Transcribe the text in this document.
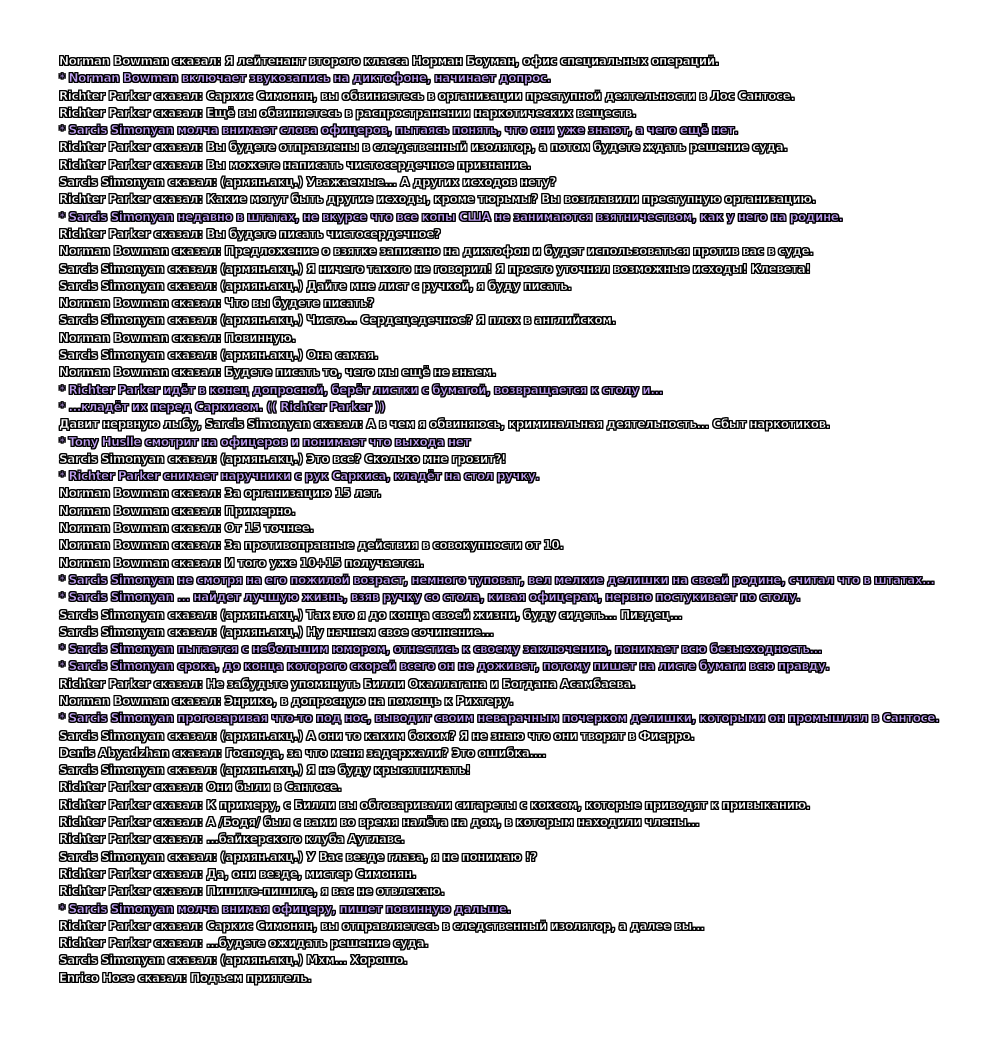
Norman Bowman сказал: Я лейтенант второго класса Норман Боуман, офис специальных операций.
* Norman Bowman включает звукозапись на диктофоне, начинает допрос.
Richter Parker сказал: Саркис Симонян, вы обвиняетесь в организации преступной деятельности в Лос Сантосе.
Richter Parker сказал: Ещё вы обвиняетесь в распространении наркотических веществ.
* Sarcis Simonyan молча внимает слова офицеров, пытаясь понять, что они уже знают, а чего ещё нет.
Richter Parker сказал: Вы будете отправлены в следственный изолятор, а потом будете ждать решение суда.
Richter Parker сказал: Вы можете написать чистосердечное признание.
Sarcis Simonyan сказал: (армян.акц.) Уважаемые... А других исходов нету?
Richter Parker сказал: Какие могут быть другие исходы, кроме тюрьмы? Вы возглавили преступную организацию.
* Sarcis Simonyan недавно в штатах, не вкурсе что все копы США не занимаются взятничеством, как у него на родине.
Richter Parker сказал: Вы будете писать чистосердечное?
Norman Bowman сказал: Предложение о взятке записано на диктофон и будет использоваться против вас в суде.
Sarcis Simonyan сказал: (армян.акц.) Я ничего такого не говорил! Я просто уточнял возможные исходы! Клевета!
Sarcis Simonyan сказал: (армян.акц.) Дайте мне лист с ручкой, я буду писать.
Norman Bowman сказал: Что вы будете писать?
Sarcis Simonyan сказал: (армян.акц.) Чисто... Сердецедечное? Я плох в английском.
Norman Bowman сказал: Повинную.
Sarcis Simonyan сказал: (армян.акц.) Она самая.
Norman Bowman сказал: Будете писать то, чего мы ещё не знаем.
* Richter Parker идёт в конец допросной, берёт листки с бумагой, возвращается к столу и...
* ...кладёт их перед Саркисом. (( Richter Parker ))
Давит нервную лыбу, Sarcis Simonyan сказал: А в чем я обвиняюсь, криминальная деятельность... Сбыт наркотиков.
* Tony Huslle смотрит на офицеров и понимает что выхода нет
Sarcis Simonyan сказал: (армян.акц.) Это все? Сколько мне грозит?!
* Richter Parker снимает наручники с рук Саркиса, кладёт на стол ручку.
Norman Bowman сказал: За организацию 15 лет.
Norman Bowman сказал: Примерно.
Norman Bowman сказал: От 15 точнее.
Norman Bowman сказал: За противоправные действия в совокупности от 10.
Norman Bowman сказал: И того уже 10+15 получается.
* Sarcis Simonyan не смотря на его пожилой возраст, немного туповат, вел мелкие делишки на своей родине, считал что в штатах...
* Sarcis Simonyan ... найдет лучшую жизнь, взяв ручку со стола, кивая офицерам, нервно постукивает по столу.
Sarcis Simonyan сказал: (армян.акц.) Так это я до конца своей жизни, буду сидеть... Пиздец...
Sarcis Simonyan сказал: (армян.акц.) Ну начнем свое сочинение...
* Sarcis Simonyan пытается с небольшим юмором, отнестись к своему заключению, понимает всю безысходность...
* Sarcis Simonyan срока, до конца которого скорей всего он не доживет, потому пишет на листе бумаги всю правду.
Richter Parker сказал: Не забудьте упомянуть Билли Окаллагана и Богдана Асамбаева.
Norman Bowman сказал: Энрико, в допросную на помощь к Рихтеру.
* Sarcis Simonyan проговаривая что-то под нос, выводит своим неварачным почерком делишки, которыми он промышлял в Сантосе.
Sarcis Simonyan сказал: (армян.акц.) А они то каким боком? Я не знаю что они творят в Фиерро.
Denis Abyadzhan сказал: Господа, за что меня задержали? Это ошибка....
Sarcis Simonyan сказал: (армян.акц.) Я не буду крысятничать!
Richter Parker сказал: Они были в Сантосе.
Richter Parker сказал: К примеру, с Билли вы обговаривали сигареты с коксом, которые приводят к привыканию.
Richter Parker сказал: А /Бодя/ был с вами во время налёта на дом, в которым находили члены...
Richter Parker сказал: ...байкерского клуба Аутлавс.
Sarcis Simonyan сказал: (армян.акц.) У Вас везде глаза, я не понимаю !?
Richter Parker сказал: Да, они везде, мистер Симонян.
Richter Parker сказал: Пишите-пишите, я вас не отвлекаю.
* Sarcis Simonyan молча внимая офицеру, пишет повинную дальше.
Richter Parker сказал: Саркис Симонян, вы отправляетесь в следственный изолятор, а далее вы...
Richter Parker сказал: ...будете ожидать решение суда.
Sarcis Simonyan сказал: (армян.акц.) Мхм... Хорошо.
Enrico Hose сказал: Подъем приятель.
